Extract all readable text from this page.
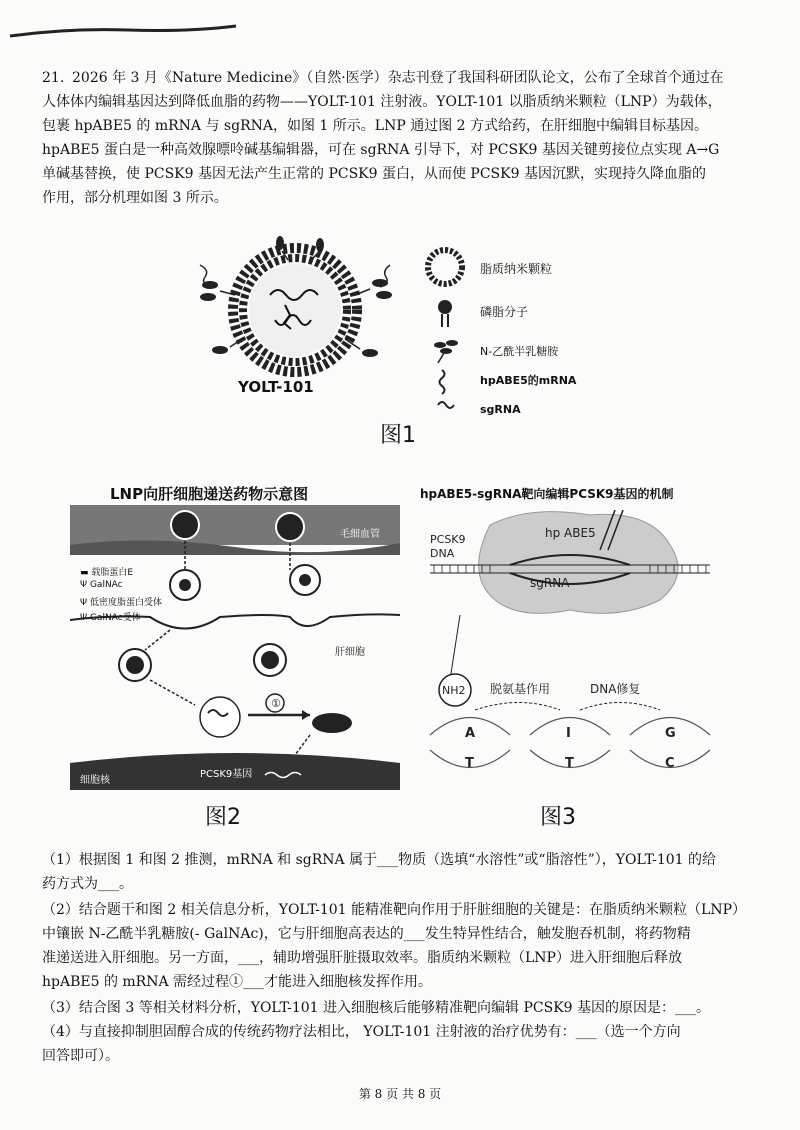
21. 2026 年 3 月《Nature Medicine》（自然·医学）杂志刊登了我国科研团队论文，公布了全球首个通过在
人体体内编辑基因达到降低血脂的药物——YOLT-101 注射液。YOLT-101 以脂质纳米颗粒（LNP）为载体，
包裹 hpABE5 的 mRNA 与 sgRNA，如图 1 所示。LNP 通过图 2 方式给药，在肝细胞中编辑目标基因。
hpABE5 蛋白是一种高效腺嘌呤碱基编辑器，可在 sgRNA 引导下，对 PCSK9 基因关键剪接位点实现 A→G
单碱基替换，使 PCSK9 基因无法产生正常的 PCSK9 蛋白，从而使 PCSK9 基因沉默，实现持久降血脂的
作用，部分机理如图 3 所示。
YOLT-101
脂质纳米颗粒
磷脂分子
N-乙酰半乳糖胺
hpABE5的mRNA
sgRNA
图1
LNP向肝细胞递送药物示意图
①
细胞核
PCSK9基因
毛细血管
肝细胞
▬ 载脂蛋白E
Ψ GalNAc
Ψ 低密度脂蛋白受体
Ψ GalNAc受体
图2
hpABE5-sgRNA靶向编辑PCSK9基因的机制
hp ABE5
sgRNA
PCSK9
DNA
NH2 脱氨基作用	DNA修复
A
T
I
T
G
C
图3
（1）根据图 1 和图 2 推测，mRNA 和 sgRNA 属于___物质（选填“水溶性”或“脂溶性”），YOLT-101 的给
药方式为___。
（2）结合题干和图 2 相关信息分析，YOLT-101 能精准靶向作用于肝脏细胞的关键是：在脂质纳米颗粒（LNP）
中镶嵌 N-乙酰半乳糖胺(- GalNAc)，它与肝细胞高表达的___发生特异性结合，触发胞吞机制，将药物精
准递送进入肝细胞。另一方面，___，辅助增强肝脏摄取效率。脂质纳米颗粒（LNP）进入肝细胞后释放
hpABE5 的 mRNA 需经过程①___才能进入细胞核发挥作用。
（3）结合图 3 等相关材料分析，YOLT-101 进入细胞核后能够精准靶向编辑 PCSK9 基因的原因是：___。
（4）与直接抑制胆固醇合成的传统药物疗法相比， YOLT-101 注射液的治疗优势有：___（选一个方向
回答即可）。
第 8 页 共 8 页
